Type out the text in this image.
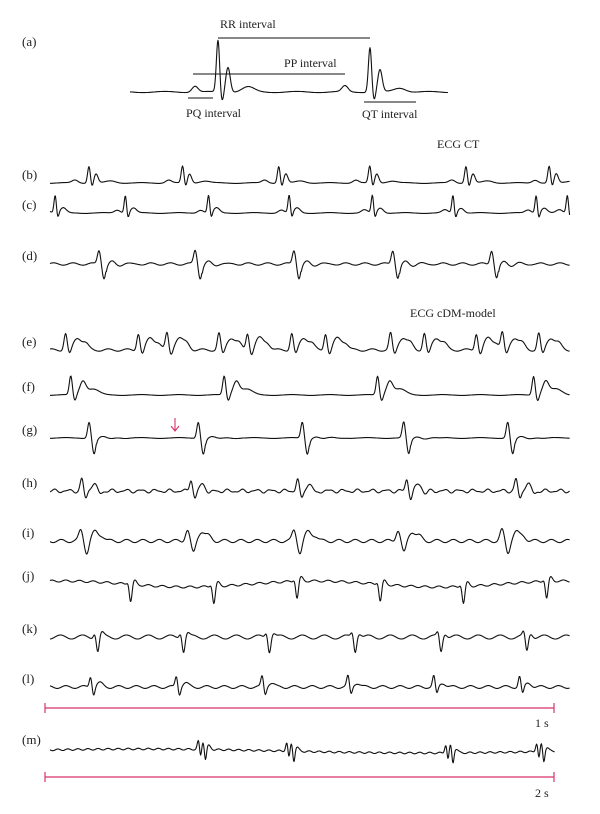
(a)
RR interval
PP interval
PQ interval	QT interval
ECG CT
ECG cDM-model
(b)
(c)
(d)
(e)
(f)
(g)
(h)
(i)
(j)
(k)
(l)
1 s
(m)
2 s
